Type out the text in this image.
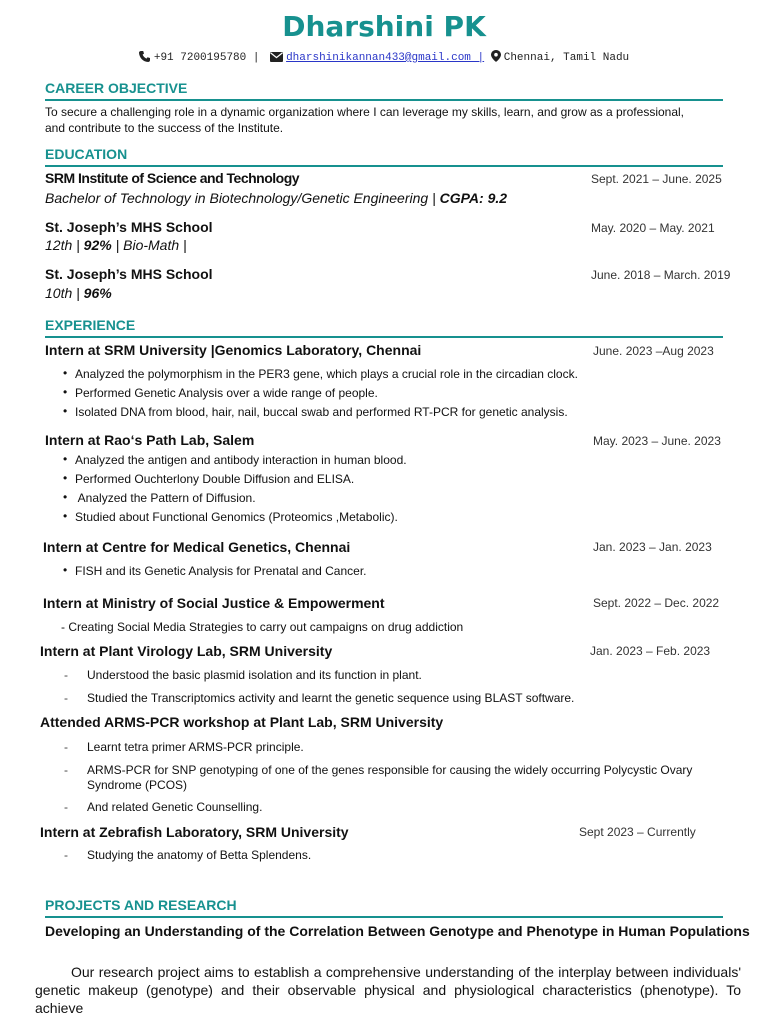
Dharshini PK
+91 7200195780 | dharshinikannan433@gmail.com | Chennai, Tamil Nadu
CAREER OBJECTIVE
To secure a challenging role in a dynamic organization where I can leverage my skills, learn, and grow as a professional,
and contribute to the success of the Institute.
EDUCATION
SRM Institute of Science and Technology	Sept. 2021 – June. 2025
Bachelor of Technology in Biotechnology/Genetic Engineering | CGPA: 9.2
St. Joseph’s MHS School	May. 2020 – May. 2021
12th | 92% | Bio-Math |
St. Joseph’s MHS School	June. 2018 – March. 2019
10th | 96%
EXPERIENCE
Intern at SRM University |Genomics Laboratory, Chennai	June. 2023 –Aug 2023
• Analyzed the polymorphism in the PER3 gene, which plays a crucial role in the circadian clock.
• Performed Genetic Analysis over a wide range of people.
• Isolated DNA from blood, hair, nail, buccal swab and performed RT-PCR for genetic analysis.
Intern at Rao‘s Path Lab, Salem	May. 2023 – June. 2023
• Analyzed the antigen and antibody interaction in human blood.
• Performed Ouchterlony Double Diffusion and ELISA.
• Analyzed the Pattern of Diffusion.
• Studied about Functional Genomics (Proteomics ,Metabolic).
Intern at Centre for Medical Genetics, Chennai	Jan. 2023 – Jan. 2023
• FISH and its Genetic Analysis for Prenatal and Cancer.
Intern at Ministry of Social Justice & Empowerment	Sept. 2022 – Dec. 2022
- Creating Social Media Strategies to carry out campaigns on drug addiction
Intern at Plant Virology Lab, SRM University	Jan. 2023 – Feb. 2023
- Understood the basic plasmid isolation and its function in plant.
- Studied the Transcriptomics activity and learnt the genetic sequence using BLAST software.
Attended ARMS-PCR workshop at Plant Lab, SRM University
- Learnt tetra primer ARMS-PCR principle.
- ARMS-PCR for SNP genotyping of one of the genes responsible for causing the widely occurring Polycystic Ovary
Syndrome (PCOS)
- And related Genetic Counselling.
Intern at Zebrafish Laboratory, SRM University	Sept 2023 – Currently
- Studying the anatomy of Betta Splendens.
PROJECTS AND RESEARCH
Developing an Understanding of the Correlation Between Genotype and Phenotype in Human Populations
Our research project aims to establish a comprehensive understanding of the interplay between individuals'
genetic makeup (genotype) and their observable physical and physiological characteristics (phenotype). To achieve
